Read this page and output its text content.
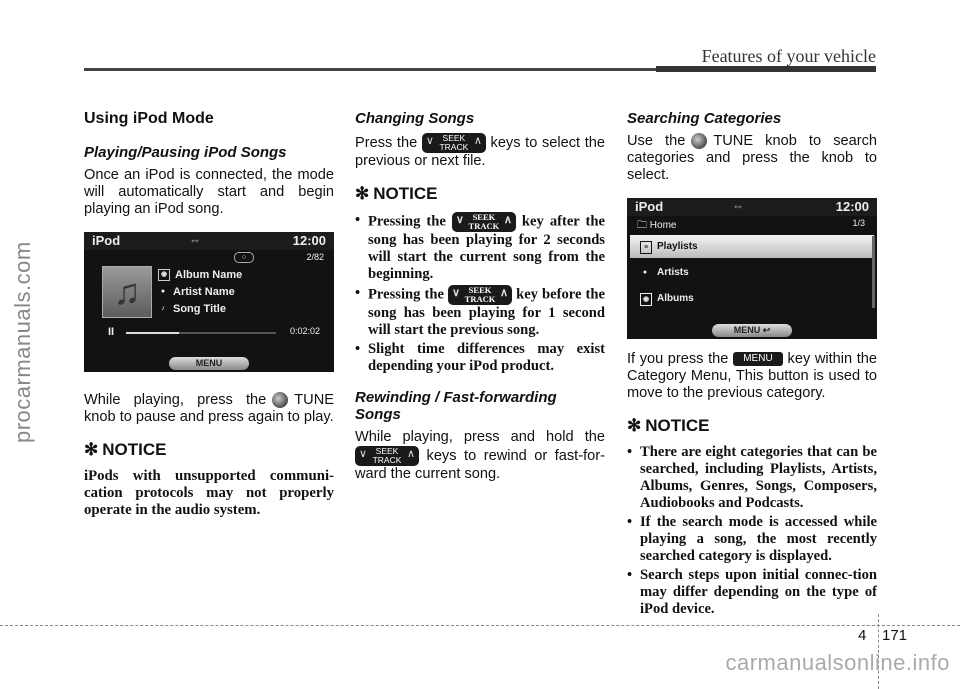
Features of your vehicle
procarmanuals.com
Using iPod Mode
Playing/Pausing iPod Songs

Once an iPod is connected, the mode will automatically start and begin playing an iPod song.

iPod	⇔	12:00
○	2/82
♫	◉ Album Name
● Artist Name
♪ Song Title
II	0:02:02
MENU

While playing, press the TUNE knob to pause and press again to play.

✻ NOTICE
iPods with unsupported communi-cation protocols may not properly operate in the audio system.
Changing Songs

Press the ∨	SEEK
TRACK ∧ keys to select the previous or next file.

✻ NOTICE
• Pressing the ∨	SEEK
TRACK ∧ key after the song has been playing for 2 seconds will start the current song from the beginning.
• Pressing the ∨	SEEK
TRACK ∧ key before the song has been playing for 1 second will start the previous song.
• Slight time differences may exist depending your iPod product.
Rewinding / Fast-forwarding Songs

While playing, press and hold the
∨	SEEK
TRACK ∧ keys to rewind or fast-for-ward the current song.

Searching Categories

Use the TUNE knob to search categories and press the knob to select.

iPod	⇔	12:00
🗀 Home	1/3
≡ Playlists
● Artists
◉ Albums
MENU ↩

If you press the MENU key within the Category Menu, This button is used to move to the previous category.

✻ NOTICE
• There are eight categories that can be searched, including Playlists, Artists, Albums, Genres, Songs, Composers, Audiobooks and Podcasts.
• If the search mode is accessed while playing a song, the most recently searched category is displayed.
• Search steps upon initial connec-tion may differ depending on the type of iPod device.
4 171
carmanualsonline.info
